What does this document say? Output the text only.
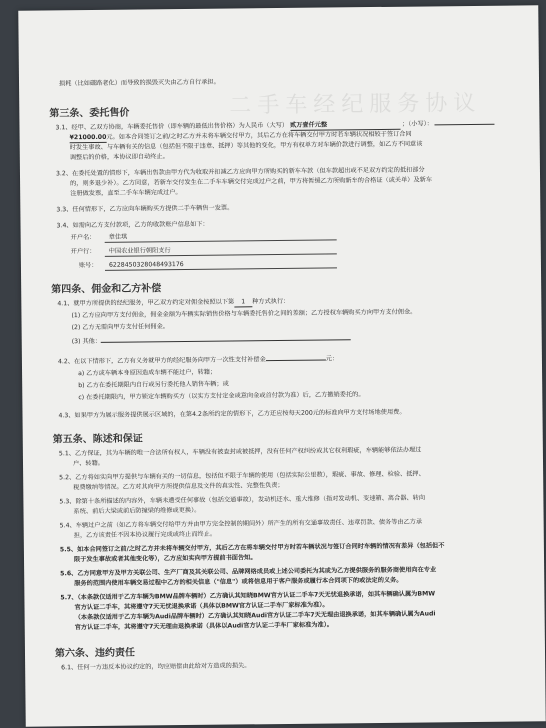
二手车经纪服务协议
损耗（比如磁路老化）而导致的损毁灭失由乙方自行承担。
第三条、委托售价
3.1、经甲、乙双方协商，车辆委托售价（即车辆的最低出售价格）为人民币（大写） 贰万壹仟元整	；（小写）：
¥21000.00元。如本合同签订之前/之时乙方并未将车辆交付甲方，其后乙方在将车辆交付甲方时若车辆状况相较于签订合同
时发生事故、与车辆有关的信息（包括但不限于违章、抵押）等其他的变化，甲方有权单方对车辆价款进行调整，如乙方不同意该
调整后的价格，本协议即自动终止。
3.2、在委托处置的情形下，车辆出售款由甲方代为收取并扣减乙方应向甲方所购买的新车车款（但车款超出或不足双方约定的抵扣部分
的，则多退少补）。乙方同意，若新车交付发生在二手车车辆交付完成过户之前，甲方将暂缓乙方所购新车的合格证（或关单）及新车
注册做发票，直至二手车车辆完成过户。
3.3、任何情形下，乙方应向车辆购买方提供二手车辆售一发票。
3.4、如需向乙方支付款项，乙方的收款账户信息如下：
开户名： 章佳琪
开户行： 中国农业银行朝阳支行
账号： 6228450328048493176
第四条、佣金和乙方补偿
4.1、就甲方所提供的经纪服务，甲乙双方约定对佣金按照以下第 1 种方式执行：
(1) 乙方应向甲方支付佣金，佣金金额为车辆实际销售价格与车辆委托售价之间的差额；乙方授权车辆购买方向甲方支付佣金。
(2) 乙方无需向甲方支付任何佣金。
(3) 其他：
4.2、在以下情形下，乙方有义务就甲方的经纪服务向甲方一次性支付补偿金	元：
a) 乙方或车辆本身原因造成车辆不能过户，转籍；
b) 乙方在委托期限内自行或另行委托他人销售车辆；或
c) 在委托期限内，甲方锁定车辆购买方（以实方支付定金或意向金或首付款为准）后，乙方撤销委托的。
4.3、如果甲方为展示服务提供展示区域的，在第4.2条所约定的情形下，乙方还应按每天200元的标准向甲方支付场地使用费。
第五条、陈述和保证
5.1、乙方保证，其为车辆的唯一合法所有权人，车辆没有被查封或被抵押，没有任何产权纠纷或其它权利瑕疵，车辆能够依法办理过
户、转籍。
5.2、乙方将如实向甲方提供与车辆有关的一切信息，包括但不限于车辆的使用（包括实际公里数），瑕疵、事故、修理、检验、抵押、
税费缴纳等情况。乙方对其向甲方所提供信息及文件的真实性、完整性负责；
5.3、除第十条所描述的内容外，车辆未遭受任何事故（包括交通事故），发动机还水、重大维修（指对发动机、变速箱、离合器、转向
系统、前后大梁或前后防撞梁的维修或更换）。
5.4、车辆过户之前（如乙方将车辆交付给甲方并由甲方完全控制的期间外）所产生的所有交通事故责任、违章罚款、债务等由乙方承
担，乙方该责任不因本协议履行完成或终止而终止。
5.5、如本合同签订之前/之时乙方并未将车辆交付甲方，其后乙方在将车辆交付甲方时若车辆状况与签订合同时车辆的情况有差异（包括但不
限于发生事故或者其他变化等），乙方应如实向甲方提前书面告知。
5.6、乙方同意甲方及甲方关联公司、生产厂商及其关联公司、品牌网络成员或上述公司委托为其或为乙方提供服务的服务商使用向在专业
服务的范围内使用车辆交易过程中乙方的相关信息（"信息"）或将信息用于客户服务或履行本合同项下的或法定的义务。
5.7、（本条款仅适用于乙方车辆为BMW品牌车辆时）乙方确认其知晓BMW官方认证二手车7天无忧退换承诺，如其车辆确认属为BMW
官方认证二手车，其将遵守7天无忧退换承诺（具体以BMW官方认证二手车厂家标准为准）。
（本条款仅适用于乙方车辆为Audi品牌车辆时）乙方确认其知晓Audi官方认证二手车7天无理由退换承诺，如其车辆确认属为Audi
官方认证二手车，其将遵守7天无理由退换承诺（具体以Audi官方认证二手车厂家标准为准）。
第六条、违约责任
6.1、任何一方违反本协议约定的，均应赔偿由此给对方造成的损失。
